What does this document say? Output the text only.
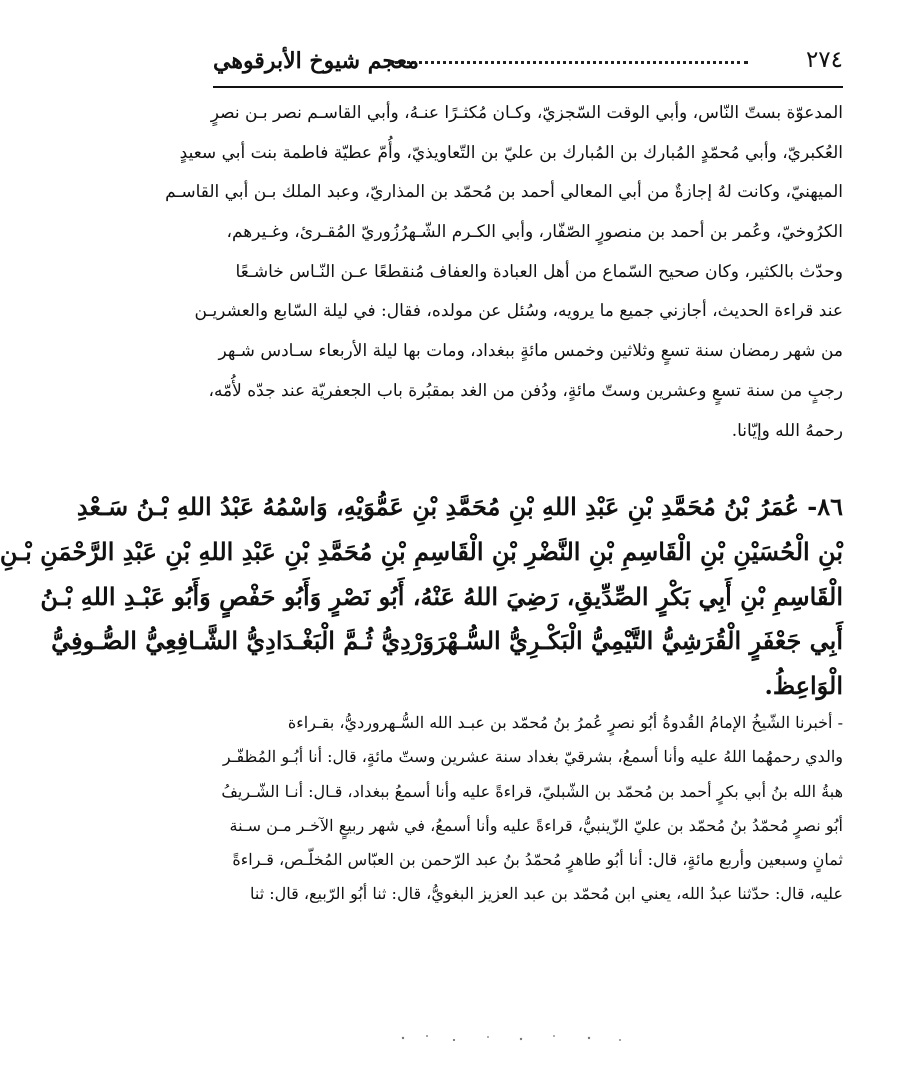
معجم شيوخ الأبرقوهي	٢٧٤
المدعوّة بستّ النّاس، وأبي الوقت السّجزيّ، وكـان مُكثـرًا عنـهُ، وأبي القاسـم نصر بـن نصرٍ
العُكبريّ، وأبي مُحمّدٍ المُبارك بن المُبارك بن عليّ بن التّعاويذيّ، وأُمّ عطيّة فاطمة بنت أبي سعيدٍ
الميهنيّ، وكانت لهُ إجازةٌ من أبي المعالي أحمد بن مُحمّد بن المذاريّ، وعبد الملك بـن أبي القاسـم
الكرُوخيّ، وعُمر بن أحمد بن منصورٍ الصّفّار، وأبي الكـرم الشّـهرُزُوريّ المُقـرئ، وغـيرهم،
وحدّث بالكثير، وكان صحيح السّماع من أهل العبادة والعفاف مُنقطعًا عـن النّـاس خاشـعًا
عند قراءة الحديث، أجازني جميع ما يرويه، وسُئل عن مولده، فقال: في ليلة السّابع والعشريـن
من شهر رمضان سنة تسعٍ وثلاثين وخمس مائةٍ ببغداد، ومات بها ليلة الأربعاء سـادس شـهر
رجبٍ من سنة تسعٍ وعشرين وستّ مائةٍ، ودُفن من الغد بمقبُرة باب الجعفريّة عند جدّه لأُمّه،
رحمهُ الله وإيّانا.
٨٦- عُمَرُ بْنُ مُحَمَّدِ بْنِ عَبْدِ اللهِ بْنِ مُحَمَّدِ بْنِ عَمُّوَيْهِ، وَاسْمُهُ عَبْدُ اللهِ بْـنُ سَـعْدِ
بْنِ الْحُسَيْنِ بْنِ الْقَاسِمِ بْنِ النَّضْرِ بْنِ الْقَاسِمِ بْنِ مُحَمَّدِ بْنِ عَبْدِ اللهِ بْنِ عَبْدِ الرَّحْمَنِ بْـنِ
الْقَاسِمِ بْنِ أَبِي بَكْرٍ الصِّدِّيقِ، رَضِيَ اللهُ عَنْهُ، أَبُو نَصْرٍ وَأَبُو حَفْصٍ وَأَبُو عَبْـدِ اللهِ بْـنُ
أَبِي جَعْفَرٍ الْقُرَشِيُّ التَّيْمِيُّ الْبَكْـرِيُّ السُّـهْرَوَرْدِيُّ ثُـمَّ الْبَغْـدَادِيُّ الشَّـافِعِيُّ الصُّـوفِيُّ
الْوَاعِظُ.
- أخبرنا الشّيخُ الإمامُ القُدوةُ أبُو نصرٍ عُمرُ بنُ مُحمّد بن عبـد الله السُّـهرورديُّ، بقـراءة
والدي رحمهُما اللهُ عليه وأنا أسمعُ، بشرقيّ بغداد سنة عشرين وستّ مائةٍ، قال: أنا أبُـو المُظفّـر
هبةُ الله بنُ أبي بكرٍ أحمد بن مُحمّد بن الشّبليّ، قراءةً عليه وأنا أسمعُ ببغداد، قـال: أنـا الشّـريفُ
أبُو نصرٍ مُحمّدُ بنُ مُحمّد بن عليّ الزّينبيُّ، قراءةً عليه وأنا أسمعُ، في شهر ربيعٍ الآخـر مـن سـنة
ثمانٍ وسبعين وأربع مائةٍ، قال: أنا أبُو طاهرٍ مُحمّدُ بنُ عبد الرّحمن بن العبّاس المُخلّـص، قـراءةً
عليه، قال: حدّثنا عبدُ الله، يعني ابن مُحمّد بن عبد العزيز البغويُّ، قال: ثنا أبُو الرّبيع، قال: ثنا
